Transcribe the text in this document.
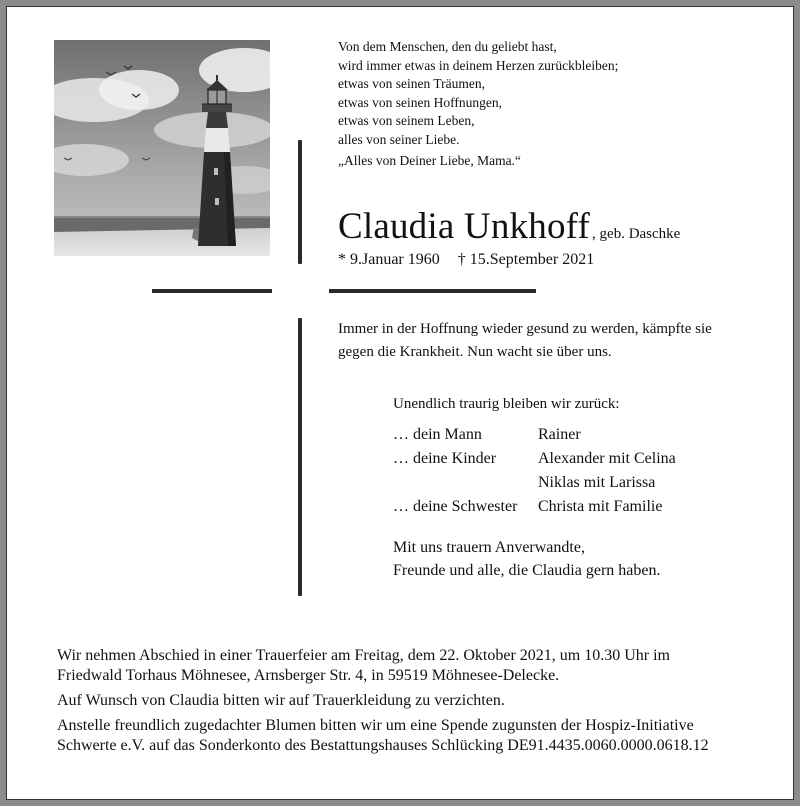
Von dem Menschen, den du geliebt hast,
wird immer etwas in deinem Herzen zurückbleiben;
etwas von seinen Träumen,
etwas von seinen Hoffnungen,
etwas von seinem Leben,
alles von seiner Liebe.
„Alles von Deiner Liebe, Mama.“
Claudia Unkhoff , geb. Daschke
* 9.Januar 1960 † 15.September 2021
Immer in der Hoffnung wieder gesund zu werden, kämpfte sie
gegen die Krankheit. Nun wacht sie über uns.
Unendlich traurig bleiben wir zurück:
… dein Mann	Rainer
… deine Kinder	Alexander mit Celina
Niklas mit Larissa
… deine Schwester Christa mit Familie
Mit uns trauern Anverwandte,
Freunde und alle, die Claudia gern haben.
Wir nehmen Abschied in einer Trauerfeier am Freitag, dem 22. Oktober 2021, um 10.30 Uhr im
Friedwald Torhaus Möhnesee, Arnsberger Str. 4, in 59519 Möhnesee-Delecke.
Auf Wunsch von Claudia bitten wir auf Trauerkleidung zu verzichten.
Anstelle freundlich zugedachter Blumen bitten wir um eine Spende zugunsten der Hospiz-Initiative
Schwerte e.V. auf das Sonderkonto des Bestattungshauses Schlücking DE91.4435.0060.0000.0618.12
